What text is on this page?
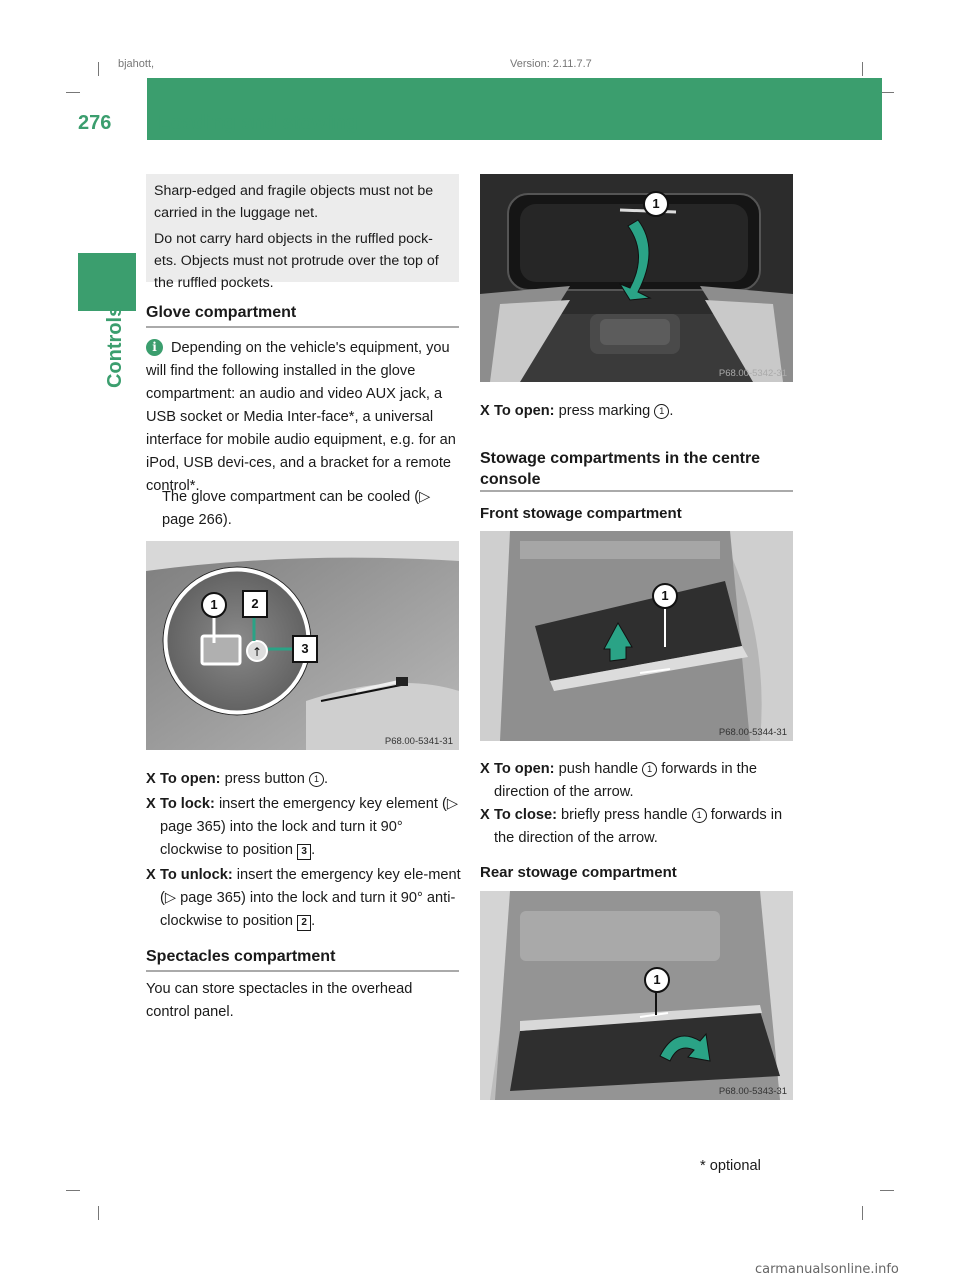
bjahott,	Version: 2.11.7.7
276 Loading and stowing
Controls

Sharp-edged and fragile objects must not be carried in the luggage net.

Do not carry hard objects in the ruffled pock-ets. Objects must not protrude over the top of the ruffled pockets.

Glove compartment
i Depending on the vehicle's equipment, you will find the following installed in the glove compartment: an audio and video AUX jack, a USB socket or Media Inter-face*, a universal interface for mobile audio equipment, e.g. for an iPod, USB devi-ces, and a bracket for a remote control*.
The glove compartment can be cooled (▷ page 266).
↑
1	2
3
P68.00-5341-31
X To open: press button 1 .
X To lock: insert the emergency key element (▷ page 365) into the lock and turn it 90° clockwise to position 3 .
X To unlock: insert the emergency key ele-ment (▷ page 365) into the lock and turn it 90° anti-clockwise to position 2 .
Spectacles compartment
You can store spectacles in the overhead control panel.
1
P68.00-5342-31
X To open: press marking 1 .
Stowage compartments in the centre console
Front stowage compartment
1
P68.00-5344-31
X To open: push handle 1 forwards in the direction of the arrow.
X To close: briefly press handle 1 forwards in the direction of the arrow.
Rear stowage compartment
1
P68.00-5343-31
* optional
carmanualsonline.info
